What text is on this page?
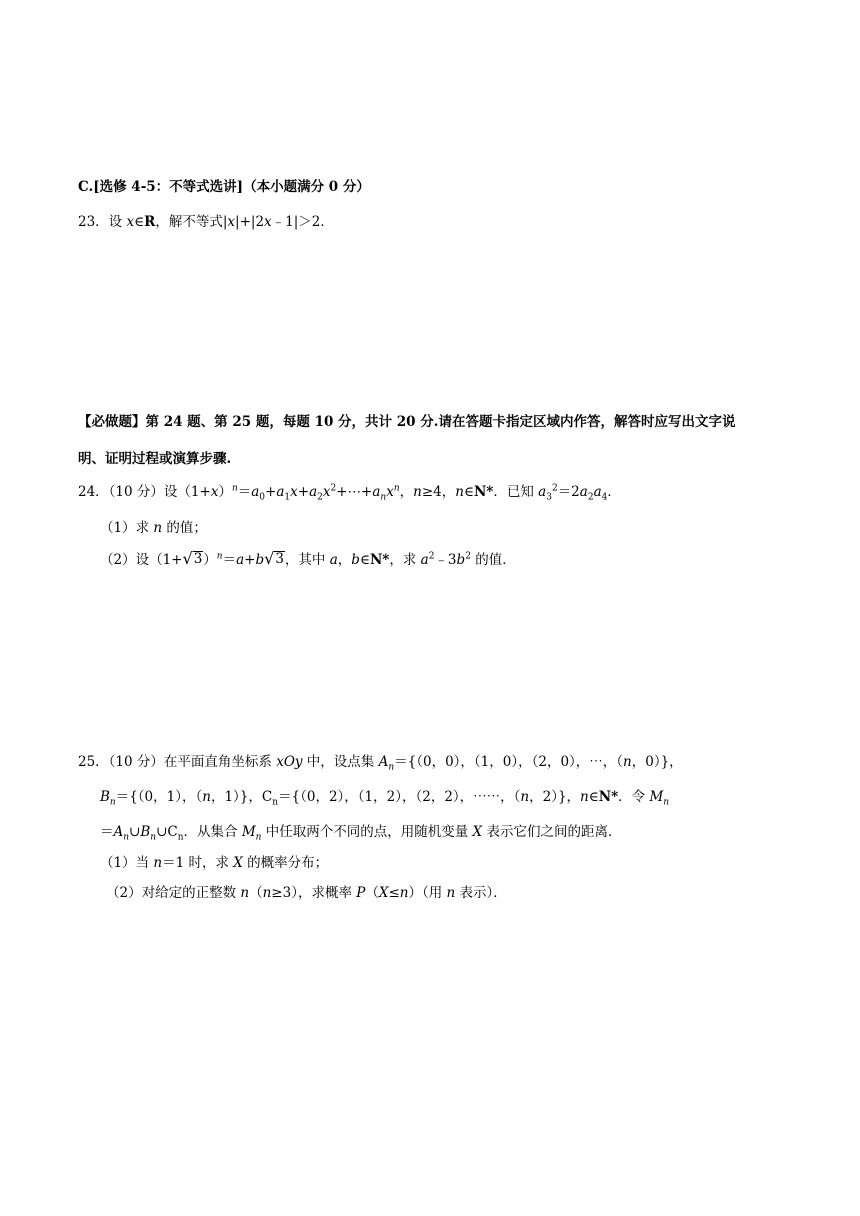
C.[选修 4-5：不等式选讲]（本小题满分 0 分）
23．设 x∈R，解不等式|x|+|2x﹣1|＞2．
【必做题】第 24 题、第 25 题，每题 10 分，共计 20 分.请在答题卡指定区域内作答，解答时应写出文字说
明、证明过程或演算步骤.
24．（10 分）设$(1+x)^n=a_0+a_1x+a_2x^2+\cdots+a_nx^n$，n≥4，n∈N*．已知 $a_3^2=2a_2a_4$．
（1）求 n 的值；
（2）设（1+ √ 3 ）$^n$＝a+b √ 3 ，其中 a，b∈N*，求 $a^2﹣3b^2$ 的值．
25．（10 分）在平面直角坐标系 xOy 中，设点集 $A_n=\{(0$，0），（1，0），（2，0），⋯，（n，0）}，
$B_n=\{(0$，1），（n，1）}，$C_n=\{(0$，2），（1，2），（2，2），⋯⋯，（n，2）}，n∈N*．令 $M_n$
$=A_n\cup B_n\cup C_n$．从集合 $M_n$ 中任取两个不同的点，用随机变量 X 表示它们之间的距离．
（1）当 n＝1 时，求 X 的概率分布；
（2）对给定的正整数 n（n≥3），求概率 P（X≤n）（用 n 表示）．
